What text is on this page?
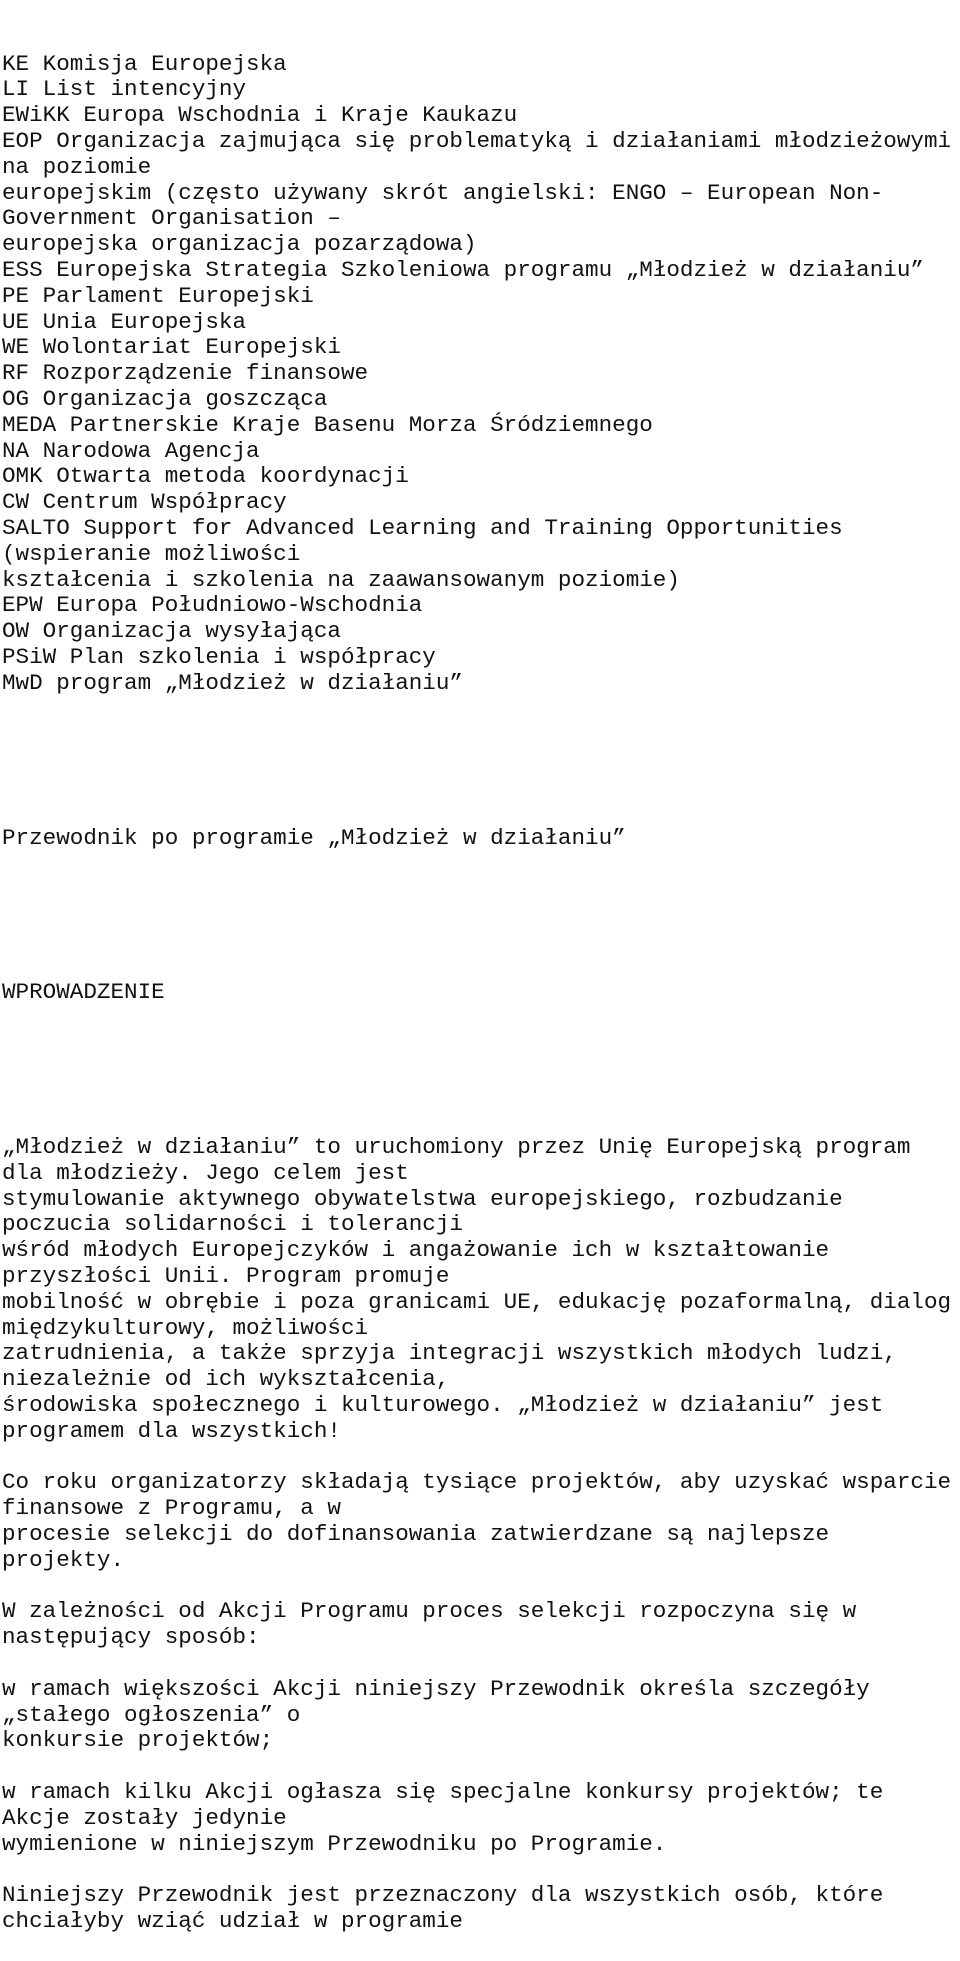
KE Komisja Europejska
LI List intencyjny
EWiKK Europa Wschodnia i Kraje Kaukazu
EOP Organizacja zajmująca się problematyką i działaniami młodzieżowymi
na poziomie
europejskim (często używany skrót angielski: ENGO – European Non-
Government Organisation –
europejska organizacja pozarządowa)
ESS Europejska Strategia Szkoleniowa programu „Młodzież w działaniu”
PE Parlament Europejski
UE Unia Europejska
WE Wolontariat Europejski
RF Rozporządzenie finansowe
OG Organizacja goszcząca
MEDA Partnerskie Kraje Basenu Morza Śródziemnego
NA Narodowa Agencja
OMK Otwarta metoda koordynacji
CW Centrum Współpracy
SALTO Support for Advanced Learning and Training Opportunities
(wspieranie możliwości
kształcenia i szkolenia na zaawansowanym poziomie)
EPW Europa Południowo-Wschodnia
OW Organizacja wysyłająca
PSiW Plan szkolenia i współpracy
MwD program „Młodzież w działaniu”

Przewodnik po programie „Młodzież w działaniu”

WPROWADZENIE

„Młodzież w działaniu” to uruchomiony przez Unię Europejską program
dla młodzieży. Jego celem jest
stymulowanie aktywnego obywatelstwa europejskiego, rozbudzanie
poczucia solidarności i tolerancji
wśród młodych Europejczyków i angażowanie ich w kształtowanie
przyszłości Unii. Program promuje
mobilność w obrębie i poza granicami UE, edukację pozaformalną, dialog
międzykulturowy, możliwości
zatrudnienia, a także sprzyja integracji wszystkich młodych ludzi,
niezależnie od ich wykształcenia,
środowiska społecznego i kulturowego. „Młodzież w działaniu” jest
programem dla wszystkich!
Co roku organizatorzy składają tysiące projektów, aby uzyskać wsparcie
finansowe z Programu, a w
procesie selekcji do dofinansowania zatwierdzane są najlepsze
projekty.
W zależności od Akcji Programu proces selekcji rozpoczyna się w
następujący sposób:
w ramach większości Akcji niniejszy Przewodnik określa szczegóły
„stałego ogłoszenia” o
konkursie projektów;
w ramach kilku Akcji ogłasza się specjalne konkursy projektów; te
Akcje zostały jedynie
wymienione w niniejszym Przewodniku po Programie.
Niniejszy Przewodnik jest przeznaczony dla wszystkich osób, które
chciałyby wziąć udział w programie
